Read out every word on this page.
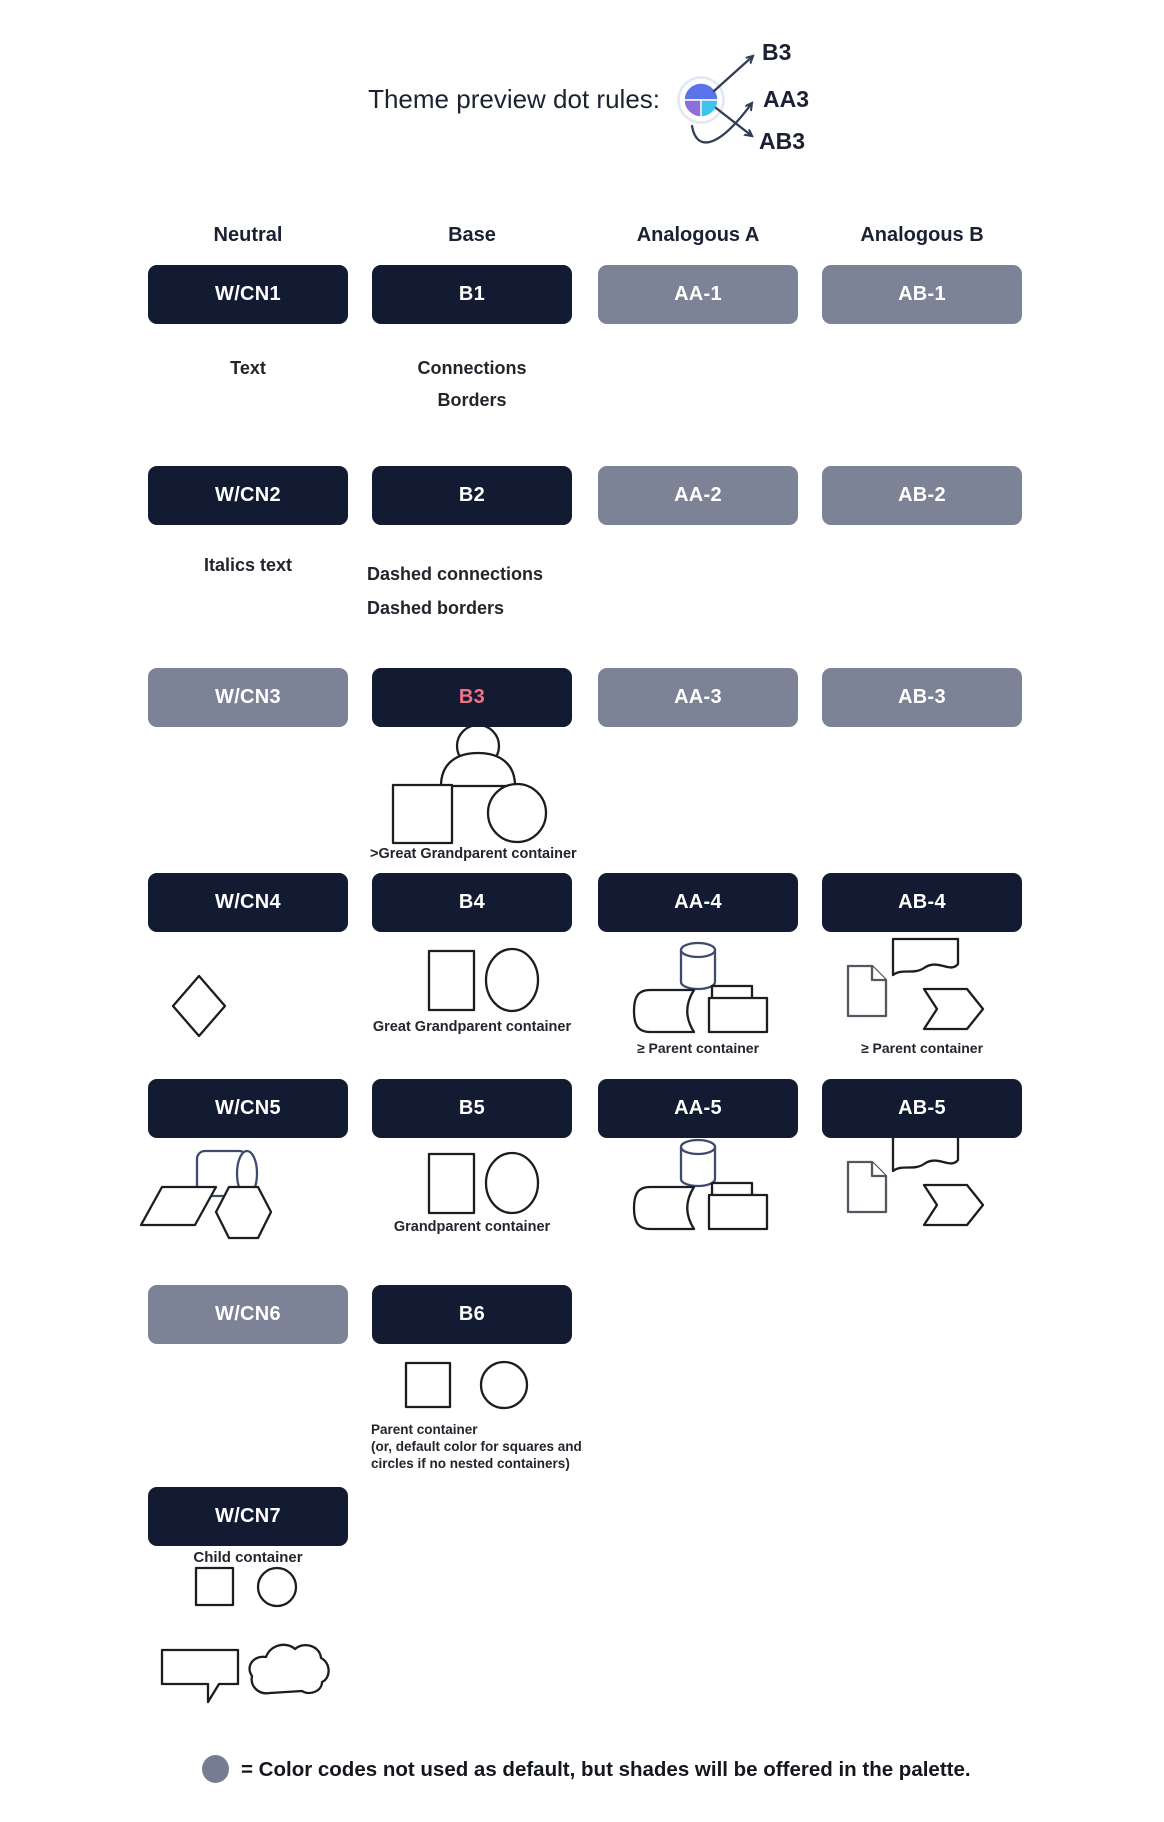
Theme preview dot rules:
B3
AA3
AB3
Neutral	Base	Analogous A	Analogous B
W/CN1	B1	AA-1	AB-1
W/CN2	B2	AA-2	AB-2
W/CN3	B3	AA-3	AB-3
W/CN4	B4	AA-4	AB-4
W/CN5	B5	AA-5	AB-5
W/CN6	B6
W/CN7
Text	Connections
Borders
Italics text	Dashed connections
Dashed borders
>Great Grandparent container
Great Grandparent container
≥ Parent container	≥ Parent container
Grandparent container
Parent container
(or, default color for squares and
circles if no nested containers)
Child container
= Color codes not used as default, but shades will be offered in the palette.
